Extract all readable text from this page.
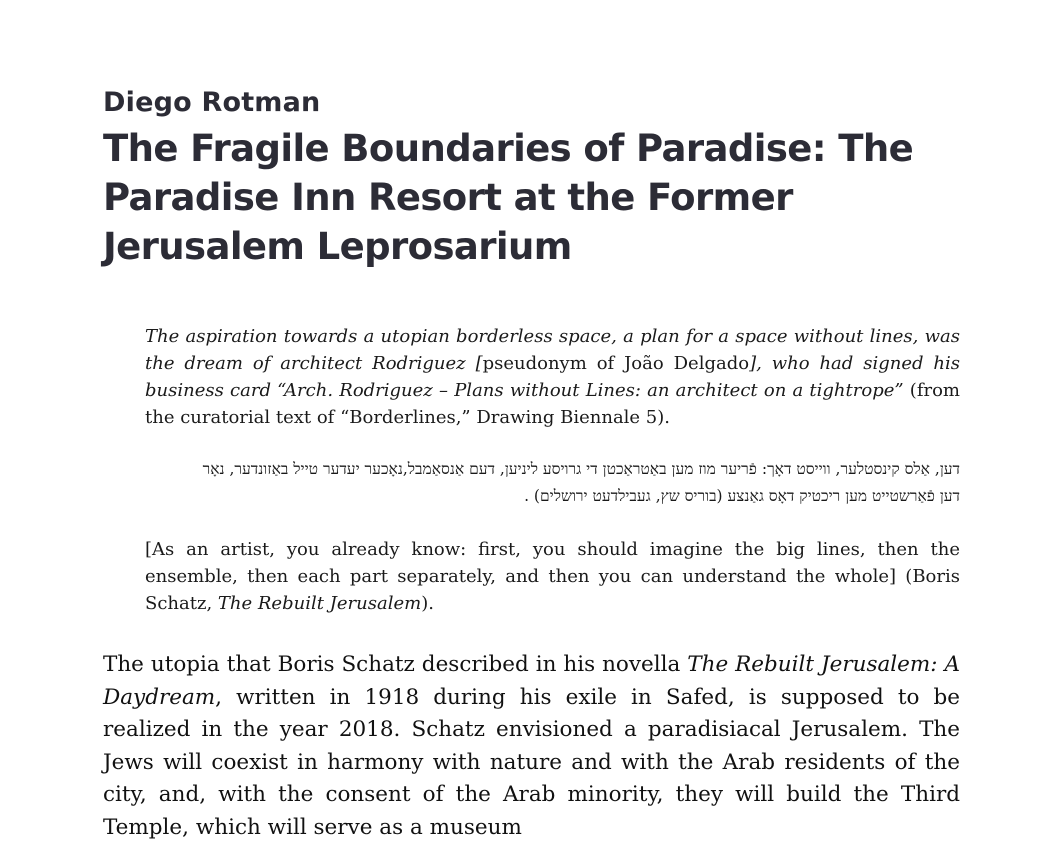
Diego Rotman
The Fragile Boundaries of Paradise: The Paradise Inn Resort at the Former Jerusalem Leprosarium

The aspiration towards a utopian borderless space, a plan for a space without lines, was the dream of architect Rodriguez [pseudonym of João Delgado], who had signed his business card “Arch. Rodriguez – Plans without Lines: an architect on a tightrope” (from the curatorial text of “Borderlines,” Drawing Biennale 5).

דען, אַלס קינסטלער, ווייסט דאָך: פֿריער מוז מען באַטראַכטן די גרויסע ליניען, דעם אַנסאַמבל,נאָכער יעדער טייל באַזונדער, נאָר
דען פֿאַרשטייט מען ריכטיק דאָס גאַנצע (בוריס שץ, געבילדעט ירושלים) .

[As an artist, you already know: first, you should imagine the big lines, then the ensemble, then each part separately, and then you can understand the whole] (Boris Schatz, The Rebuilt Jerusalem).

The utopia that Boris Schatz described in his novella The Rebuilt Jerusalem: A Daydream, written in 1918 during his exile in Safed, is supposed to be realized in the year 2018. Schatz envisioned a paradisiacal Jerusalem. The Jews will coexist in harmony with nature and with the Arab residents of the city, and, with the consent of the Arab minority, they will build the Third Temple, which will serve as a museum
